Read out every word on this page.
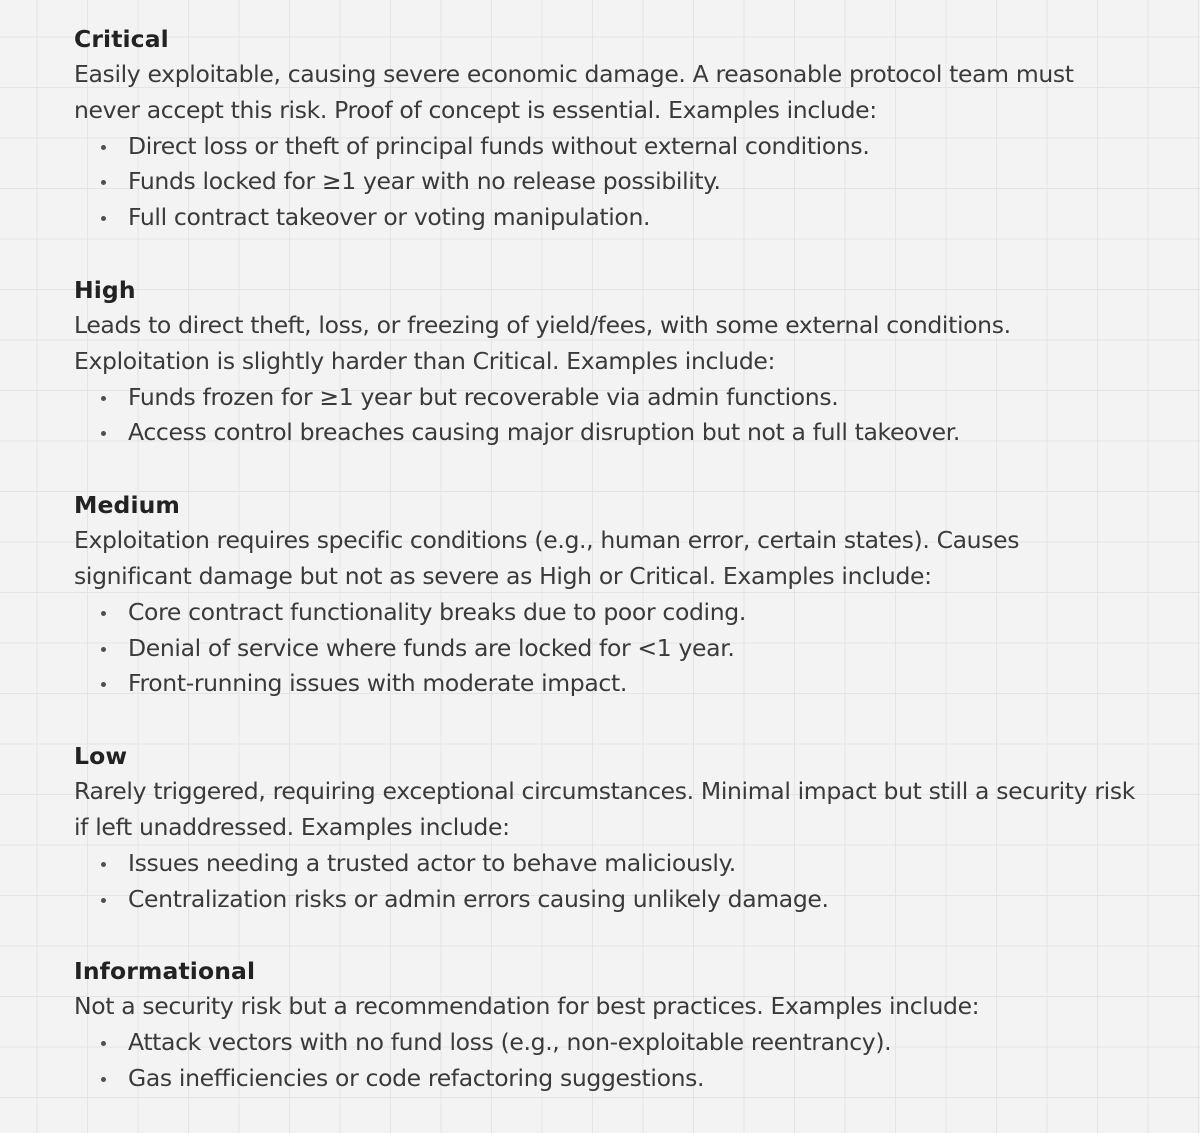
Critical

Easily exploitable, causing severe economic damage. A reasonable protocol team must
never accept this risk. Proof of concept is essential. Examples include:

Direct loss or theft of principal funds without external conditions.
Funds locked for ≥1 year with no release possibility.
Full contract takeover or voting manipulation.
High

Leads to direct theft, loss, or freezing of yield/fees, with some external conditions.
Exploitation is slightly harder than Critical. Examples include:

Funds frozen for ≥1 year but recoverable via admin functions.
Access control breaches causing major disruption but not a full takeover.
Medium

Exploitation requires specific conditions (e.g., human error, certain states). Causes
significant damage but not as severe as High or Critical. Examples include:

Core contract functionality breaks due to poor coding.
Denial of service where funds are locked for <1 year.
Front-running issues with moderate impact.
Low

Rarely triggered, requiring exceptional circumstances. Minimal impact but still a security risk
if left unaddressed. Examples include:

Issues needing a trusted actor to behave maliciously.
Centralization risks or admin errors causing unlikely damage.
Informational

Not a security risk but a recommendation for best practices. Examples include:

Attack vectors with no fund loss (e.g., non-exploitable reentrancy).
Gas inefficiencies or code refactoring suggestions.
